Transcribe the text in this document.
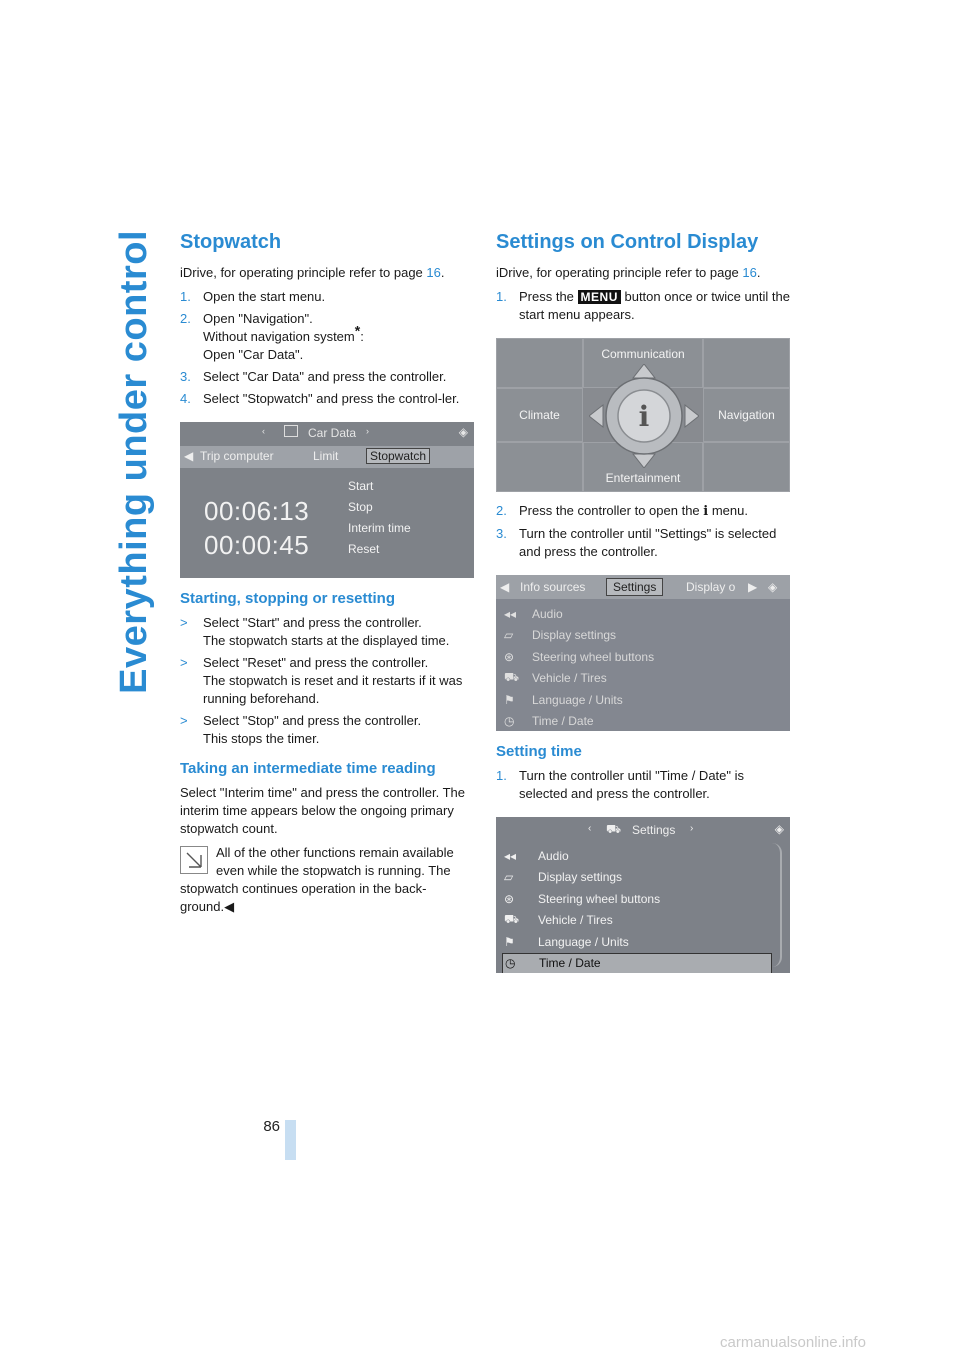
Everything under control Stopwatch

iDrive, for operating principle refer to page 16.

1. Open the start menu.
2. Open "Navigation".
Without navigation system*:
Open "Car Data".
3. Select "Car Data" and press the controller.
4. Select "Stopwatch" and press the control-ler.
‹	Car Data ›	◈
◀ Trip computer	Limit	Stopwatch
00:06:13
00:00:45
Start
Stop
Interim time
Reset
Starting, stopping or resetting
>	Select "Start" and press the controller.
The stopwatch starts at the displayed time.
>	Select "Reset" and press the controller.
The stopwatch is reset and it restarts if it was running beforehand.
>	Select "Stop" and press the controller.
This stops the timer.
Taking an intermediate time reading

Select "Interim time" and press the controller. The interim time appears below the ongoing primary stopwatch count.

All of the other functions remain available even while the stopwatch is running. The stopwatch continues operation in the back-ground.◀
Settings on Control Display

iDrive, for operating principle refer to page 16.

1. Press the MENU button once or twice until the start menu appears.
Communication
Climate	Navigation
Entertainment
i
2. Press the controller to open the i menu.
3. Turn the controller until "Settings" is selected and press the controller.
◀ Info sources	Settings	Display o ▶ ◈
◂◂	Audio
▱	Display settings
⊛	Steering wheel buttons
⛟	Vehicle / Tires
⚑	Language / Units
◷	Time / Date
Setting time
1. Turn the controller until "Time / Date" is selected and press the controller.
‹ ⛟ Settings ›	◈
◂◂	Audio
▱	Display settings
⊛	Steering wheel buttons
⛟	Vehicle / Tires
⚑	Language / Units
◷	Time / Date
86
carmanualsonline.info
